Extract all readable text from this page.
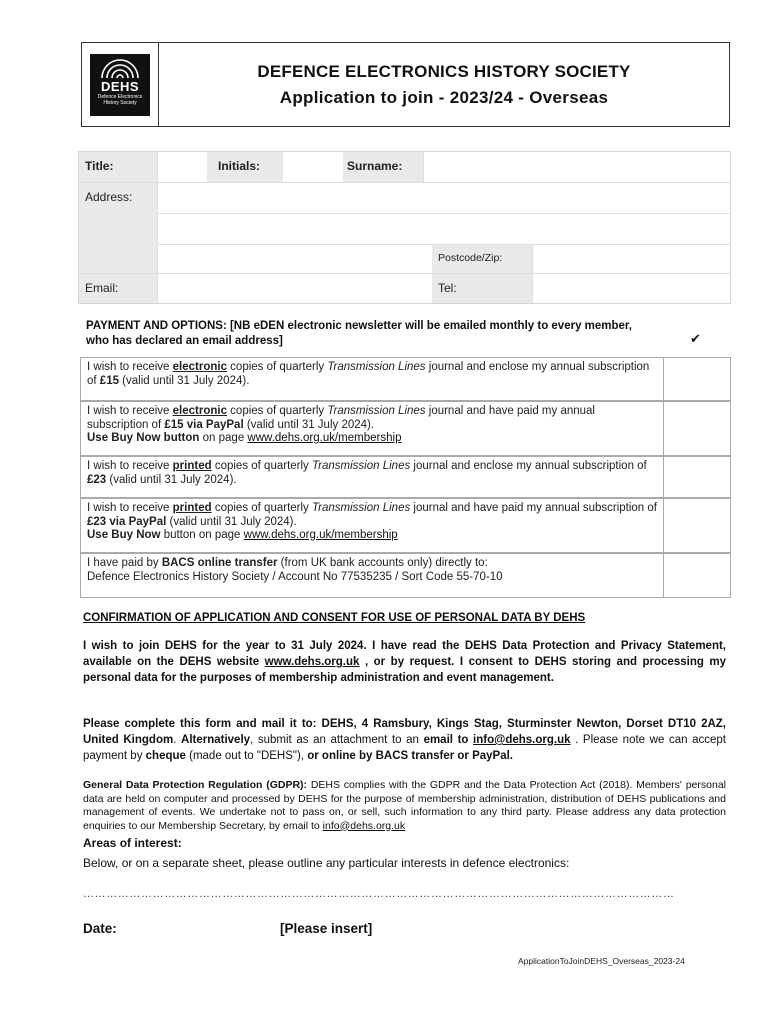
DEHS
Defence Electronics History Society
DEFENCE ELECTRONICS HISTORY SOCIETY
Application to join - 2023/24 - Overseas
Title:	Initials:	Surname:
Address:
Postcode/Zip:
Email:	Tel:
PAYMENT AND OPTIONS: [NB eDEN electronic newsletter will be emailed monthly to every member, who has declared an email address]	✔
I wish to receive electronic copies of quarterly Transmission Lines journal and enclose my annual subscription of £15 (valid until 31 July 2024).
I wish to receive electronic copies of quarterly Transmission Lines journal and have paid my annual subscription of £15 via PayPal (valid until 31 July 2024).
Use Buy Now button on page www.dehs.org.uk/membership
I wish to receive printed copies of quarterly Transmission Lines journal and enclose my annual subscription of £23 (valid until 31 July 2024).
I wish to receive printed copies of quarterly Transmission Lines journal and have paid my annual subscription of £23 via PayPal (valid until 31 July 2024).
Use Buy Now button on page www.dehs.org.uk/membership
I have paid by BACS online transfer (from UK bank accounts only) directly to:
Defence Electronics History Society / Account No 77535235 / Sort Code 55-70-10
CONFIRMATION OF APPLICATION AND CONSENT FOR USE OF PERSONAL DATA BY DEHS
I wish to join DEHS for the year to 31 July 2024. I have read the DEHS Data Protection and Privacy Statement, available on the DEHS website www.dehs.org.uk , or by request. I consent to DEHS storing and processing my personal data for the purposes of membership administration and event management.
Please complete this form and mail it to: DEHS, 4 Ramsbury, Kings Stag, Sturminster Newton, Dorset DT10 2AZ, United Kingdom. Alternatively, submit as an attachment to an email to info@dehs.org.uk . Please note we can accept payment by cheque (made out to "DEHS"), or online by BACS transfer or PayPal.
General Data Protection Regulation (GDPR): DEHS complies with the GDPR and the Data Protection Act (2018). Members' personal data are held on computer and processed by DEHS for the purpose of membership administration, distribution of DEHS publications and management of events. We undertake not to pass on, or sell, such information to any third party. Please address any data protection enquiries to our Membership Secretary, by email to info@dehs.org.uk
Areas of interest:
Below, or on a separate sheet, please outline any particular interests in defence electronics:
………………………………………………………………………………………………………………………………………
Date:	[Please insert]
ApplicationToJoinDEHS_Overseas_2023-24
